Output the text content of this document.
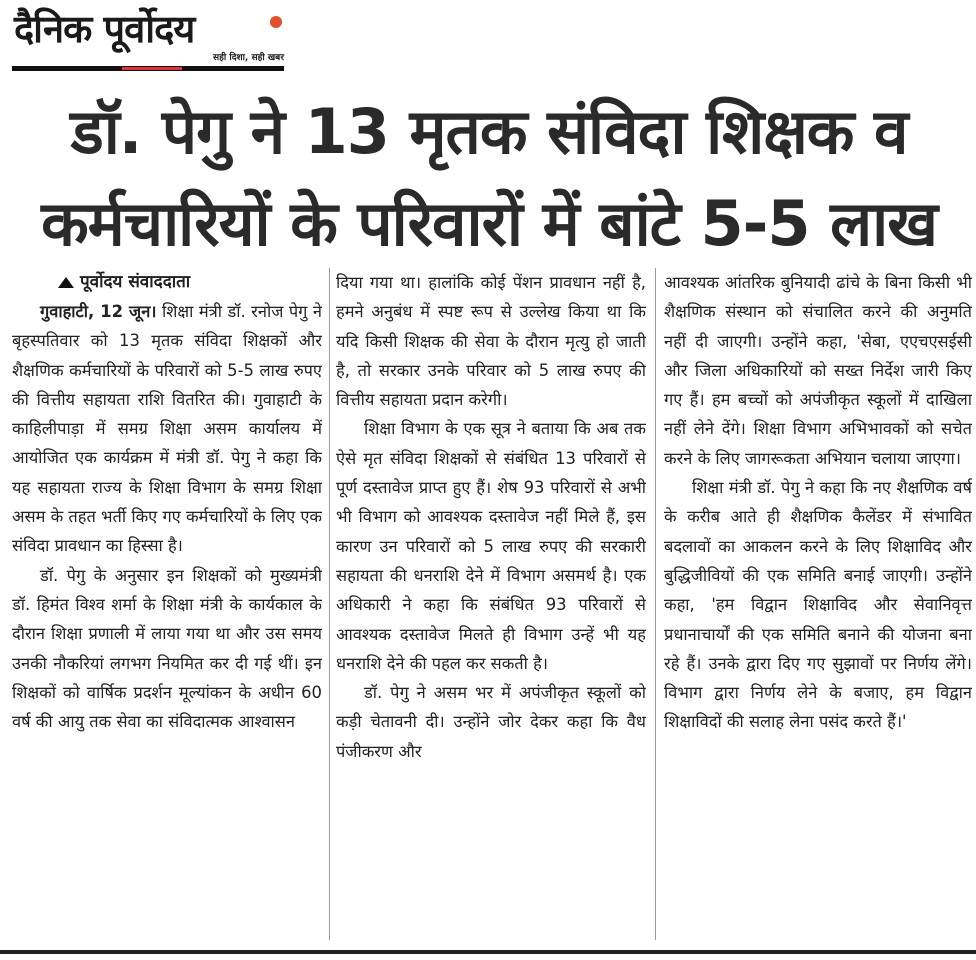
दैनिक पूर्वोदय
सही दिशा, सही खबर
डॉ. पेगु ने 13 मृतक संविदा शिक्षक व
कर्मचारियों के परिवारों में बांटे 5-5 लाख
पूर्वोदय संवाददाता

गुवाहाटी, 12 जून। शिक्षा मंत्री डॉ. रनोज पेगु ने बृहस्पतिवार को 13 मृतक संविदा शिक्षकों और शैक्षणिक कर्मचारियों के परिवारों को 5-5 लाख रुपए की वित्तीय सहायता राशि वितरित की। गुवाहाटी के काहिलीपाड़ा में समग्र शिक्षा असम कार्यालय में आयोजित एक कार्यक्रम में मंत्री डॉ. पेगु ने कहा कि यह सहायता राज्य के शिक्षा विभाग के समग्र शिक्षा असम के तहत भर्ती किए गए कर्मचारियों के लिए एक संविदा प्रावधान का हिस्सा है।

डॉ. पेगु के अनुसार इन शिक्षकों को मुख्यमंत्री डॉ. हिमंत विश्व शर्मा के शिक्षा मंत्री के कार्यकाल के दौरान शिक्षा प्रणाली में लाया गया था और उस समय उनकी नौकरियां लगभग नियमित कर दी गई थीं। इन शिक्षकों को वार्षिक प्रदर्शन मूल्यांकन के अधीन 60 वर्ष की आयु तक सेवा का संविदात्मक आश्वासन

दिया गया था। हालांकि कोई पेंशन प्रावधान नहीं है, हमने अनुबंध में स्पष्ट रूप से उल्लेख किया था कि यदि किसी शिक्षक की सेवा के दौरान मृत्यु हो जाती है, तो सरकार उनके परिवार को 5 लाख रुपए की वित्तीय सहायता प्रदान करेगी।

शिक्षा विभाग के एक सूत्र ने बताया कि अब तक ऐसे मृत संविदा शिक्षकों से संबंधित 13 परिवारों से पूर्ण दस्तावेज प्राप्त हुए हैं। शेष 93 परिवारों से अभी भी विभाग को आवश्यक दस्तावेज नहीं मिले हैं, इस कारण उन परिवारों को 5 लाख रुपए की सरकारी सहायता की धनराशि देने में विभाग असमर्थ है। एक अधिकारी ने कहा कि संबंधित 93 परिवारों से आवश्यक दस्तावेज मिलते ही विभाग उन्हें भी यह धनराशि देने की पहल कर सकती है।

डॉ. पेगु ने असम भर में अपंजीकृत स्कूलों को कड़ी चेतावनी दी। उन्होंने जोर देकर कहा कि वैध पंजीकरण और

आवश्यक आंतरिक बुनियादी ढांचे के बिना किसी भी शैक्षणिक संस्थान को संचालित करने की अनुमति नहीं दी जाएगी। उन्होंने कहा, 'सेबा, एएचएसईसी और जिला अधिकारियों को सख्त निर्देश जारी किए गए हैं। हम बच्चों को अपंजीकृत स्कूलों में दाखिला नहीं लेने देंगे। शिक्षा विभाग अभिभावकों को सचेत करने के लिए जागरूकता अभियान चलाया जाएगा।

शिक्षा मंत्री डॉ. पेगु ने कहा कि नए शैक्षणिक वर्ष के करीब आते ही शैक्षणिक कैलेंडर में संभावित बदलावों का आकलन करने के लिए शिक्षाविद और बुद्धिजीवियों की एक समिति बनाई जाएगी। उन्होंने कहा, 'हम विद्वान शिक्षाविद और सेवानिवृत्त प्रधानाचार्यों की एक समिति बनाने की योजना बना रहे हैं। उनके द्वारा दिए गए सुझावों पर निर्णय लेंगे। विभाग द्वारा निर्णय लेने के बजाए, हम विद्वान शिक्षाविदों की सलाह लेना पसंद करते हैं।'
